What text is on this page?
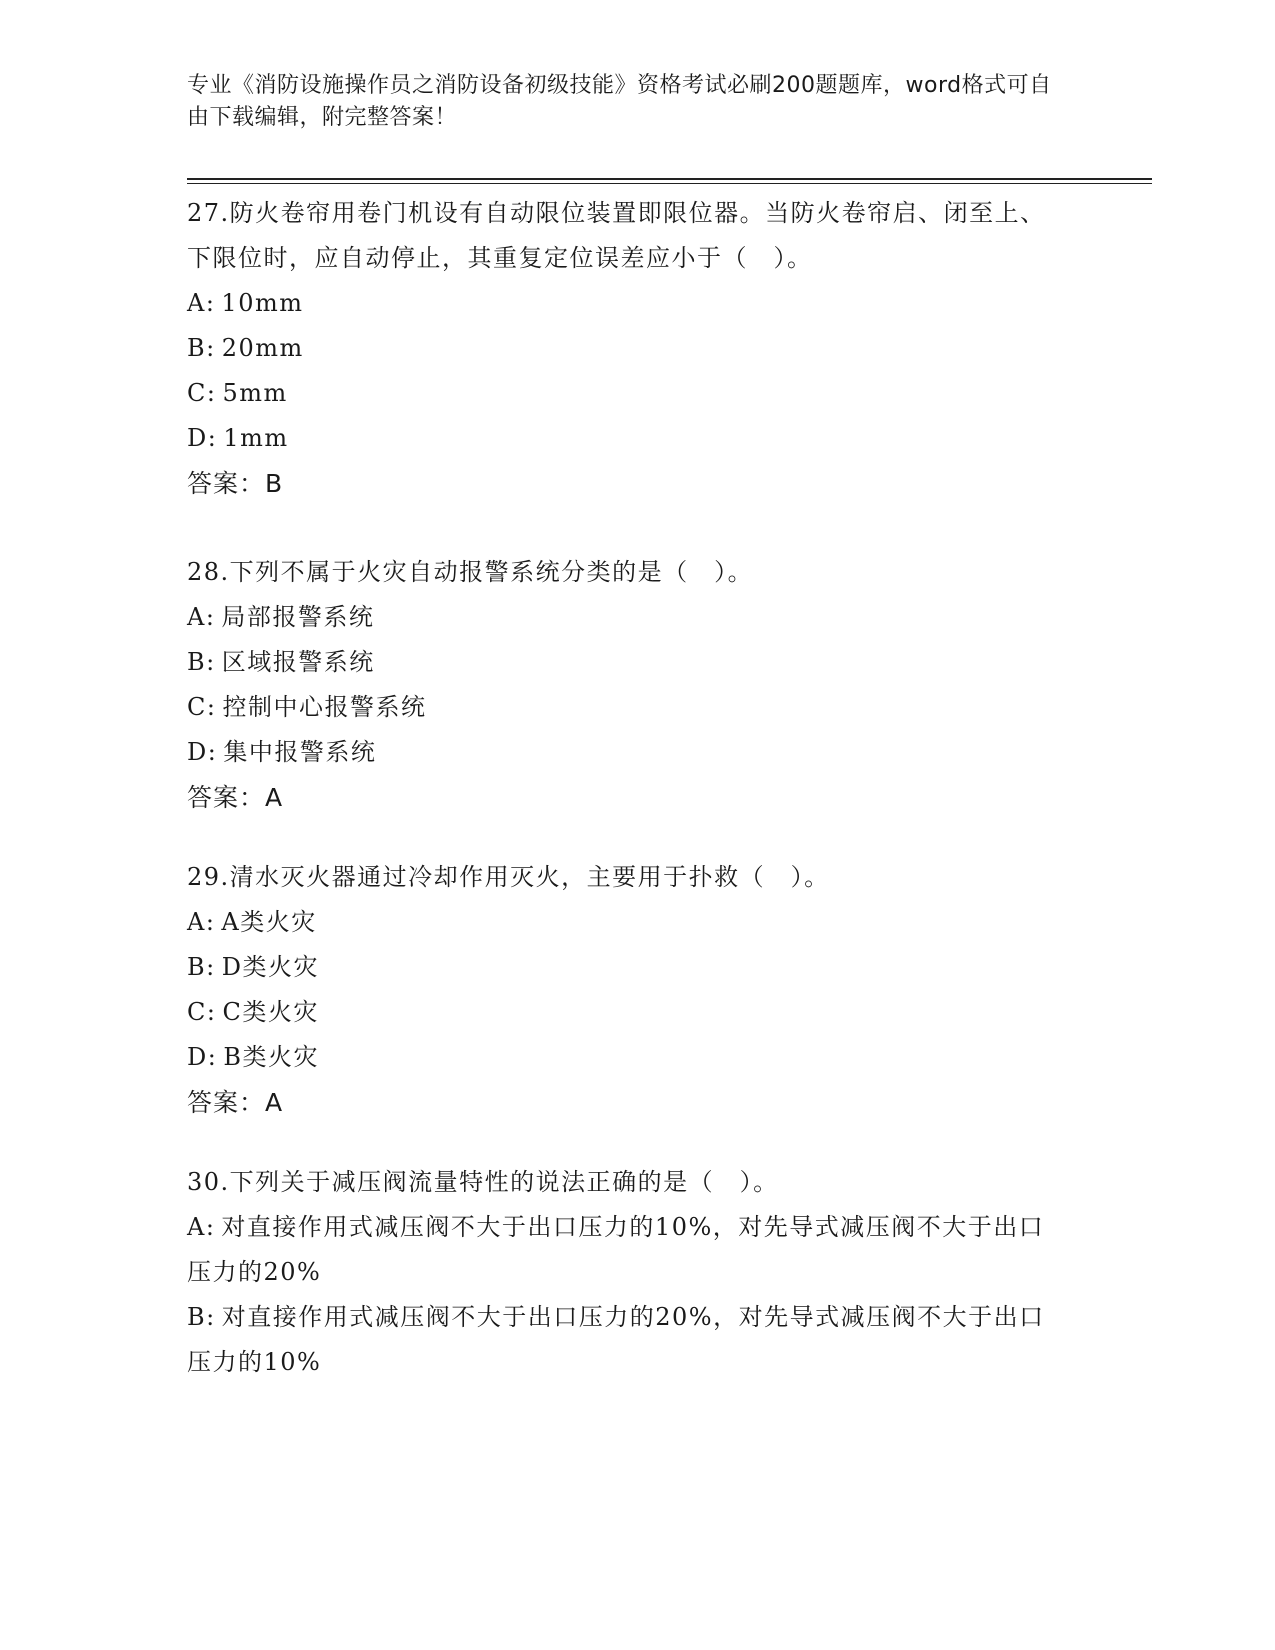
专业《消防设施操作员之消防设备初级技能》资格考试必刷200题题库，word格式可自由下载编辑，附完整答案！

27.防火卷帘用卷门机设有自动限位装置即限位器。当防火卷帘启、闭至上、下限位时，应自动停止，其重复定位误差应小于（　）。

A: 10mm

B: 20mm

C: 5mm

D: 1mm

答案：B

28.下列不属于火灾自动报警系统分类的是（　）。

A: 局部报警系统

B: 区域报警系统

C: 控制中心报警系统

D: 集中报警系统

答案：A

29.清水灭火器通过冷却作用灭火，主要用于扑救（　）。

A: A类火灾

B: D类火灾

C: C类火灾

D: B类火灾

答案：A

30.下列关于减压阀流量特性的说法正确的是（　）。

A: 对直接作用式减压阀不大于出口压力的10%，对先导式减压阀不大于出口压力的20%

B: 对直接作用式减压阀不大于出口压力的20%，对先导式减压阀不大于出口压力的10%
